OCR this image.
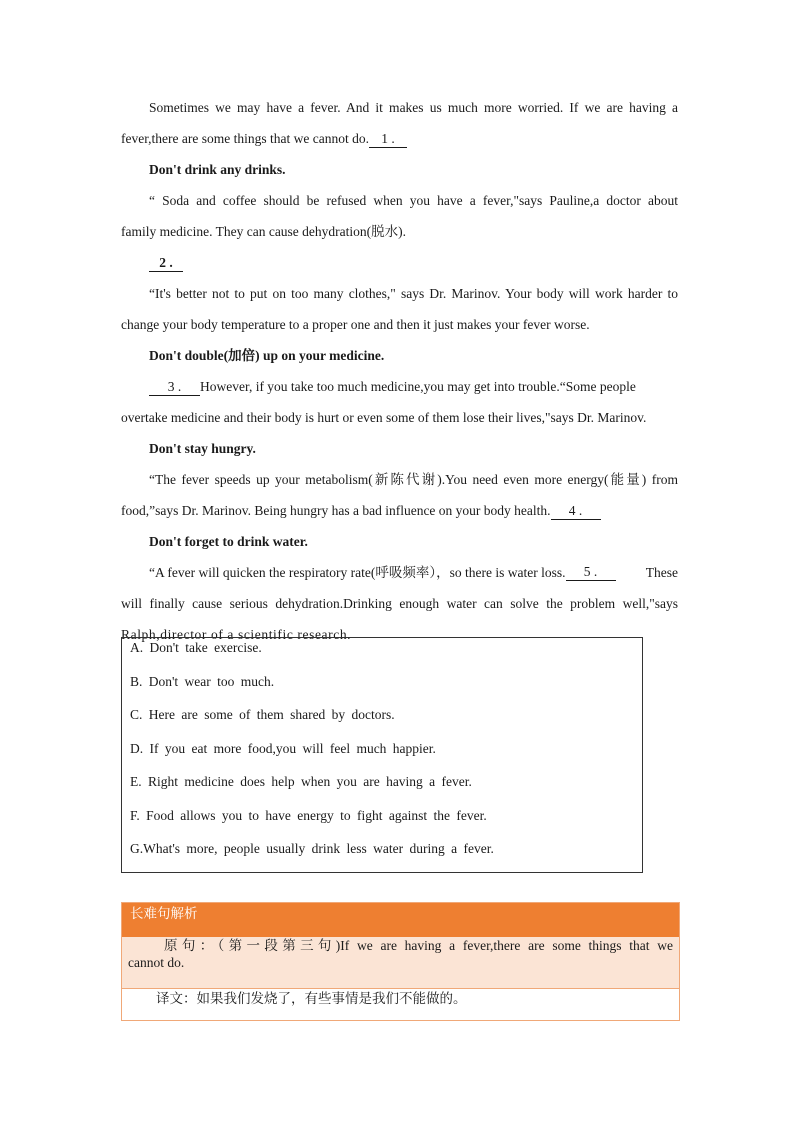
Sometimes we may have a fever. And it makes us much more worried. If we are having a
fever,there are some things that we cannot do. 1 .
Don't drink any drinks.
“ Soda and coffee should be refused when you have a fever,"says Pauline,a doctor about
family medicine. They can cause dehydration(脱水).
2 .
“It's better not to put on too many clothes," says Dr. Marinov. Your body will work harder to
change your body temperature to a proper one and then it just makes your fever worse.
Don't double(加倍) up on your medicine.
3 . However, if you take too much medicine,you may get into trouble.“Some people
overtake medicine and their body is hurt or even some of them lose their lives,"says Dr. Marinov.
Don't stay hungry.
“The fever speeds up your metabolism(新陈代谢).You need even more energy(能量) from
food,”says Dr. Marinov. Being hungry has a bad influence on your body health. 4 .
Don't forget to drink water.
“A fever will quicken the respiratory rate(呼吸频率），so there is water loss.	5 .	These
will finally cause serious dehydration.Drinking enough water can solve the problem well,"says
Ralph,director of a scientific research.
A. Don't take exercise.
B. Don't wear too much.
C. Here are some of them shared by doctors.
D. If you eat more food,you will feel much happier.
E. Right medicine does help when you are having a fever.
F. Food allows you to have energy to fight against the fever.
G.What's more, people usually drink less water during a fever.
长难句解析
原句：（第一段第三句)If we are having a fever,there are some things that we
cannot do.
译文：如果我们发烧了，有些事情是我们不能做的。
